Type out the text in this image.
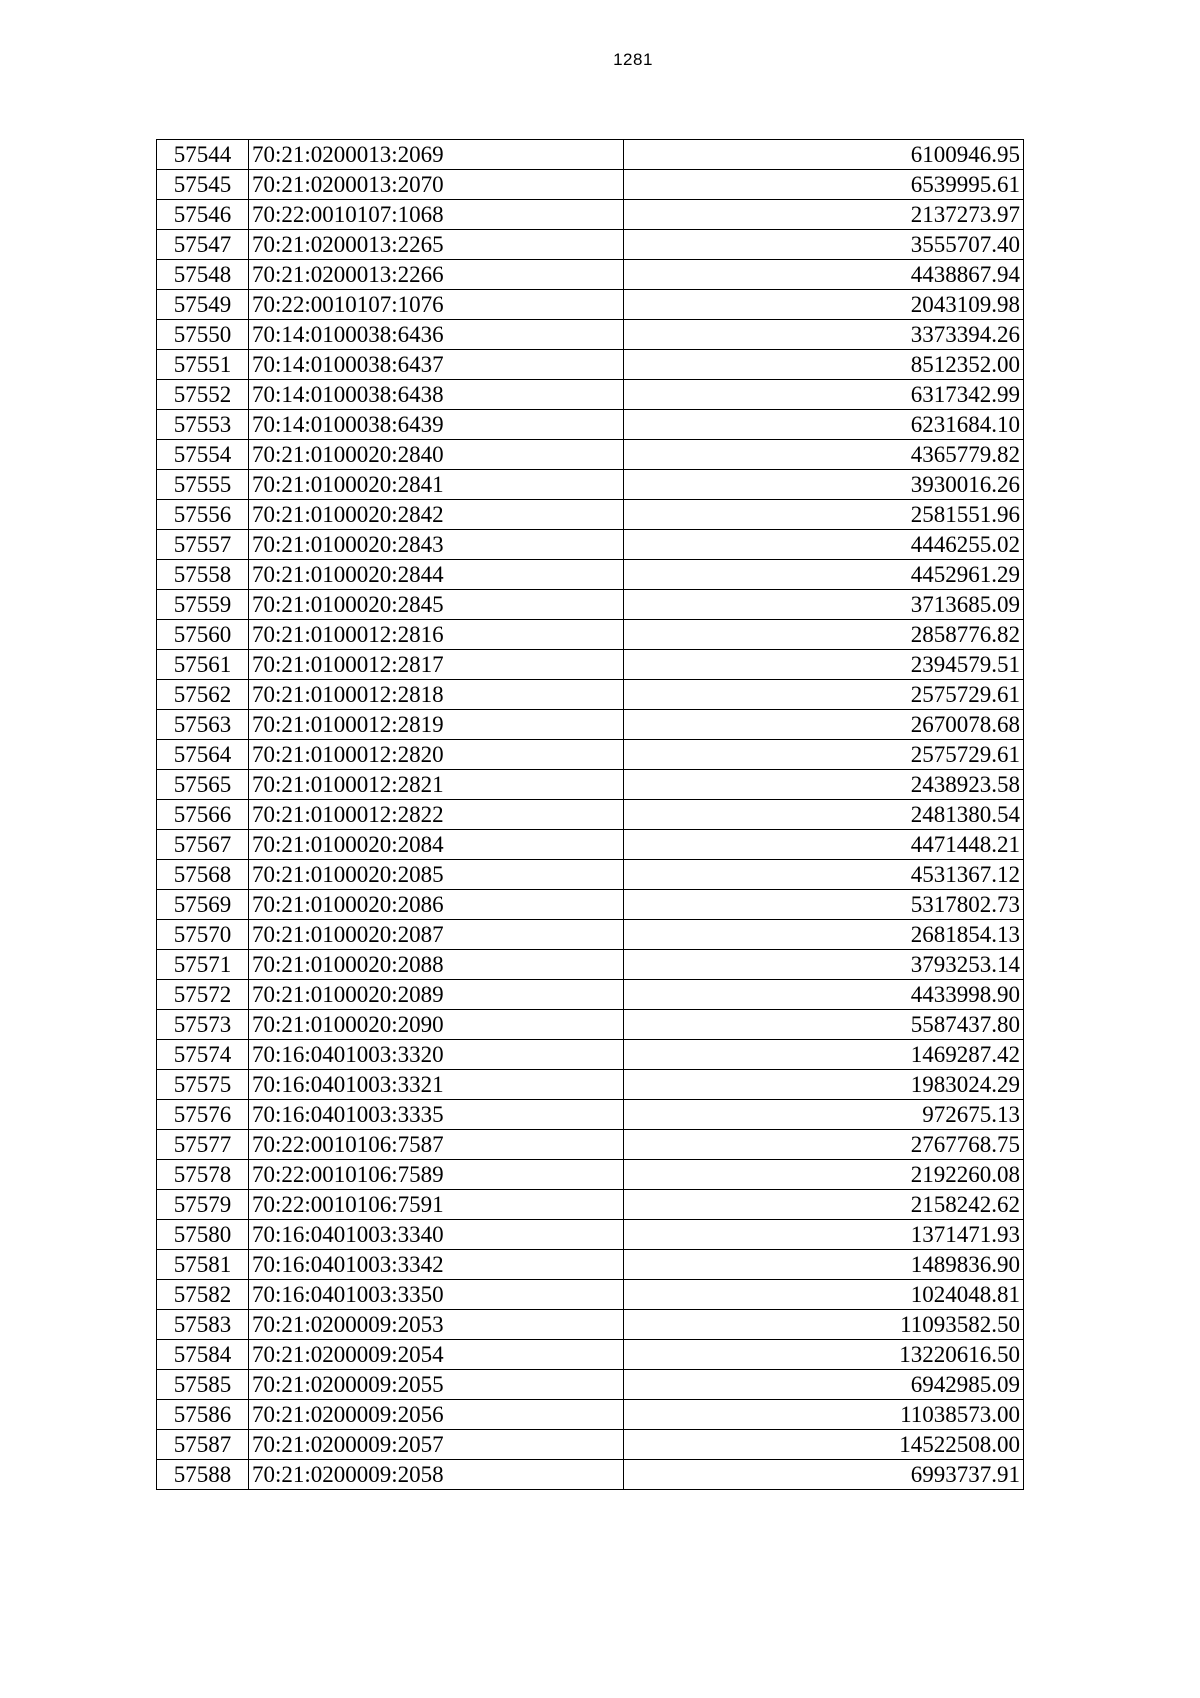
1281
57544	70:21:0200013:2069	6100946.95
57545	70:21:0200013:2070	6539995.61
57546	70:22:0010107:1068	2137273.97
57547	70:21:0200013:2265	3555707.40
57548	70:21:0200013:2266	4438867.94
57549	70:22:0010107:1076	2043109.98
57550	70:14:0100038:6436	3373394.26
57551	70:14:0100038:6437	8512352.00
57552	70:14:0100038:6438	6317342.99
57553	70:14:0100038:6439	6231684.10
57554	70:21:0100020:2840	4365779.82
57555	70:21:0100020:2841	3930016.26
57556	70:21:0100020:2842	2581551.96
57557	70:21:0100020:2843	4446255.02
57558	70:21:0100020:2844	4452961.29
57559	70:21:0100020:2845	3713685.09
57560	70:21:0100012:2816	2858776.82
57561	70:21:0100012:2817	2394579.51
57562	70:21:0100012:2818	2575729.61
57563	70:21:0100012:2819	2670078.68
57564	70:21:0100012:2820	2575729.61
57565	70:21:0100012:2821	2438923.58
57566	70:21:0100012:2822	2481380.54
57567	70:21:0100020:2084	4471448.21
57568	70:21:0100020:2085	4531367.12
57569	70:21:0100020:2086	5317802.73
57570	70:21:0100020:2087	2681854.13
57571	70:21:0100020:2088	3793253.14
57572	70:21:0100020:2089	4433998.90
57573	70:21:0100020:2090	5587437.80
57574	70:16:0401003:3320	1469287.42
57575	70:16:0401003:3321	1983024.29
57576	70:16:0401003:3335	972675.13
57577	70:22:0010106:7587	2767768.75
57578	70:22:0010106:7589	2192260.08
57579	70:22:0010106:7591	2158242.62
57580	70:16:0401003:3340	1371471.93
57581	70:16:0401003:3342	1489836.90
57582	70:16:0401003:3350	1024048.81
57583	70:21:0200009:2053	11093582.50
57584	70:21:0200009:2054	13220616.50
57585	70:21:0200009:2055	6942985.09
57586	70:21:0200009:2056	11038573.00
57587	70:21:0200009:2057	14522508.00
57588	70:21:0200009:2058	6993737.91
